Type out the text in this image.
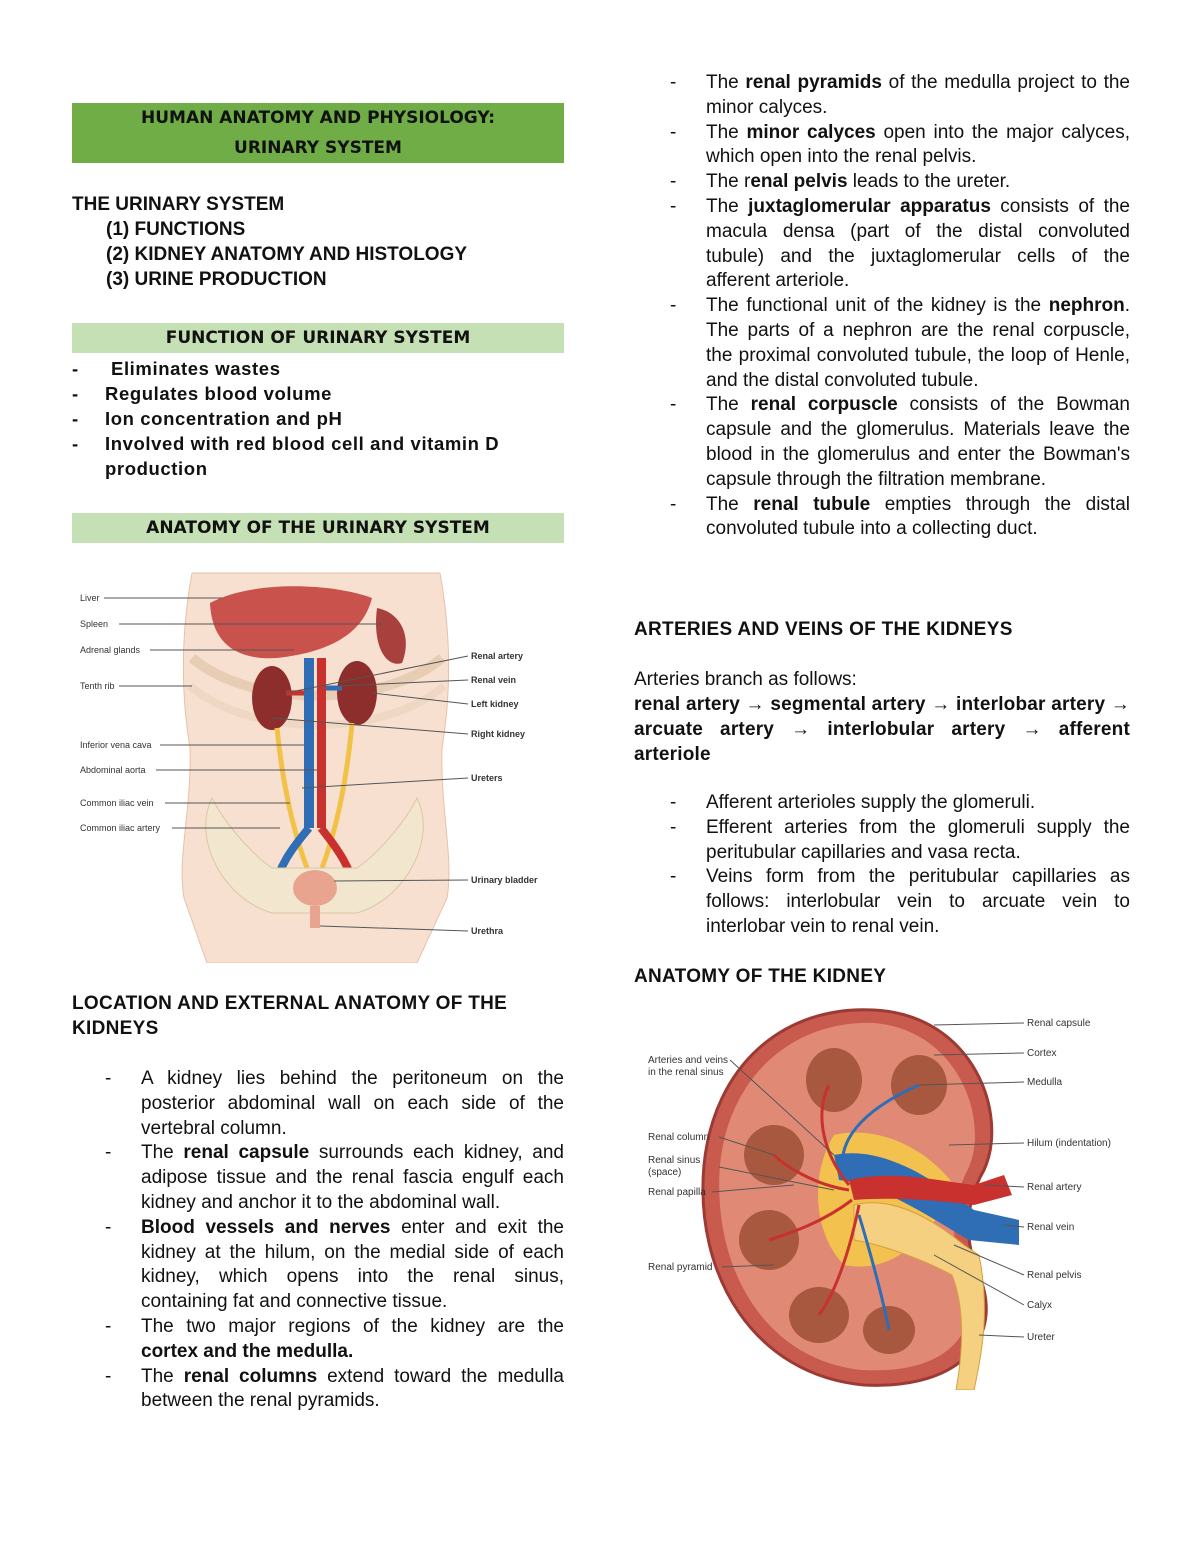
HUMAN ANATOMY AND PHYSIOLOGY:
URINARY SYSTEM
THE URINARY SYSTEM
(1) FUNCTIONS
(2) KIDNEY ANATOMY AND HISTOLOGY
(3) URINE PRODUCTION
FUNCTION OF URINARY SYSTEM
- Eliminates wastes
- Regulates blood volume
- Ion concentration and pH
- Involved with red blood cell and vitamin D production
ANATOMY OF THE URINARY SYSTEM
Liver
Spleen
Adrenal glands
Tenth rib
Inferior vena cava
Abdominal aorta
Common iliac vein
Common iliac artery
Renal artery
Renal vein
Left kidney
Right kidney
Ureters
Urinary bladder
Urethra
LOCATION AND EXTERNAL ANATOMY OF THE KIDNEYS
- A kidney lies behind the peritoneum on the posterior abdominal wall on each side of the vertebral column.
- The renal capsule surrounds each kidney, and adipose tissue and the renal fascia engulf each kidney and anchor it to the abdominal wall.
- Blood vessels and nerves enter and exit the kidney at the hilum, on the medial side of each kidney, which opens into the renal sinus, containing fat and connective tissue.
- The two major regions of the kidney are the cortex and the medulla.
- The renal columns extend toward the medulla between the renal pyramids.
- The renal pyramids of the medulla project to the minor calyces.
- The minor calyces open into the major calyces, which open into the renal pelvis.
- The renal pelvis leads to the ureter.
- The juxtaglomerular apparatus consists of the macula densa (part of the distal convoluted tubule) and the juxtaglomerular cells of the afferent arteriole.
- The functional unit of the kidney is the nephron. The parts of a nephron are the renal corpuscle, the proximal convoluted tubule, the loop of Henle, and the distal convoluted tubule.
- The renal corpuscle consists of the Bowman capsule and the glomerulus. Materials leave the blood in the glomerulus and enter the Bowman's capsule through the filtration membrane.
- The renal tubule empties through the distal convoluted tubule into a collecting duct.
ARTERIES AND VEINS OF THE KIDNEYS
Arteries branch as follows:
renal artery → segmental artery → interlobar artery → arcuate artery → interlobular artery → afferent arteriole
- Afferent arterioles supply the glomeruli.
- Efferent arteries from the glomeruli supply the peritubular capillaries and vasa recta.
- Veins form from the peritubular capillaries as follows: interlobular vein to arcuate vein to interlobar vein to renal vein.
ANATOMY OF THE KIDNEY
Arteries and veins
in the renal sinus
Renal column
Renal sinus
(space)
Renal papilla
Renal pyramid
Renal capsule
Cortex
Medulla
Hilum (indentation)
Renal artery
Renal vein
Renal pelvis
Calyx
Ureter
